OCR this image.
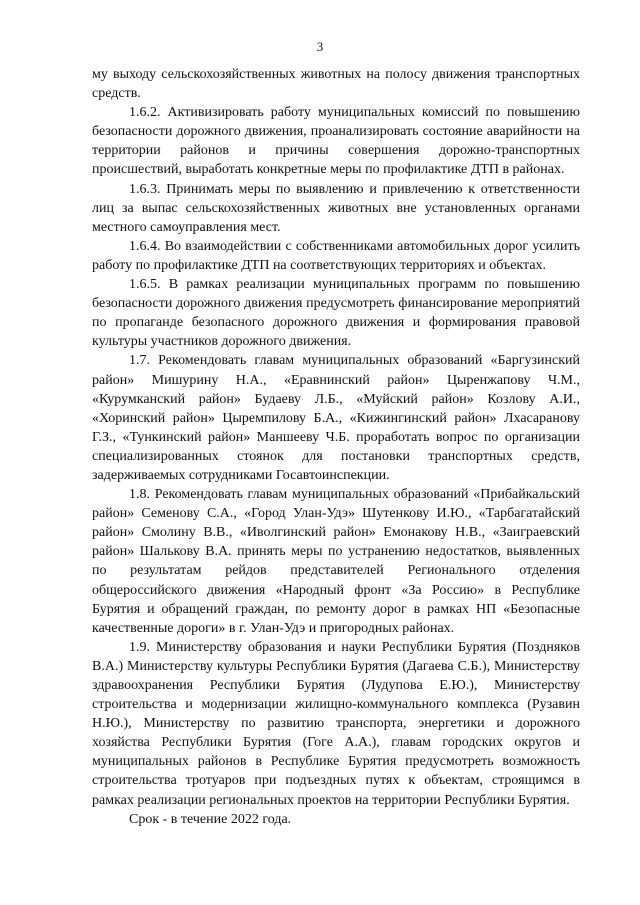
3

му выходу сельскохозяйственных животных на полосу движения транспортных средств.

1.6.2. Активизировать работу муниципальных комиссий по повышению безопасности дорожного движения, проанализировать состояние аварийности на территории районов и причины совершения дорожно-транспортных происшествий, выработать конкретные меры по профилактике ДТП в районах.

1.6.3. Принимать меры по выявлению и привлечению к ответственности лиц за выпас сельскохозяйственных животных вне установленных органами местного самоуправления мест.

1.6.4. Во взаимодействии с собственниками автомобильных дорог усилить работу по профилактике ДТП на соответствующих территориях и объектах.

1.6.5. В рамках реализации муниципальных программ по повышению безопасности дорожного движения предусмотреть финансирование мероприятий по пропаганде безопасного дорожного движения и формирования правовой культуры участников дорожного движения.

1.7. Рекомендовать главам муниципальных образований «Баргузинский район» Мишурину Н.А., «Еравнинский район» Цыренжапову Ч.М., «Курумканский район» Будаеву Л.Б., «Муйский район» Козлову А.И., «Хоринский район» Цыремпилову Б.А., «Кижингинский район» Лхасаранову Г.З., «Тункинский район» Маншееву Ч.Б. проработать вопрос по организации специализированных стоянок для постановки транспортных средств, задерживаемых сотрудниками Госавтоинспекции.

1.8. Рекомендовать главам муниципальных образований «Прибайкальский район» Семенову С.А., «Город Улан-Удэ» Шутенкову И.Ю., «Тарбагатайский район» Смолину В.В., «Иволгинский район» Емонакову Н.В., «Заиграевский район» Шалькову В.А. принять меры по устранению недостатков, выявленных по результатам рейдов представителей Регионального отделения общероссийского движения «Народный фронт «За Россию» в Республике Бурятия и обращений граждан, по ремонту дорог в рамках НП «Безопасные качественные дороги» в г. Улан-Удэ и пригородных районах.

1.9. Министерству образования и науки Республики Бурятия (Поздняков В.А.) Министерству культуры Республики Бурятия (Дагаева С.Б.), Министерству здравоохранения Республики Бурятия (Лудупова Е.Ю.), Министерству строительства и модернизации жилищно-коммунального комплекса (Рузавин Н.Ю.), Министерству по развитию транспорта, энергетики и дорожного хозяйства Республики Бурятия (Гоге А.А.), главам городских округов и муниципальных районов в Республике Бурятия предусмотреть возможность строительства тротуаров при подъездных путях к объектам, строящимся в рамках реализации региональных проектов на территории Республики Бурятия.

Срок - в течение 2022 года.
